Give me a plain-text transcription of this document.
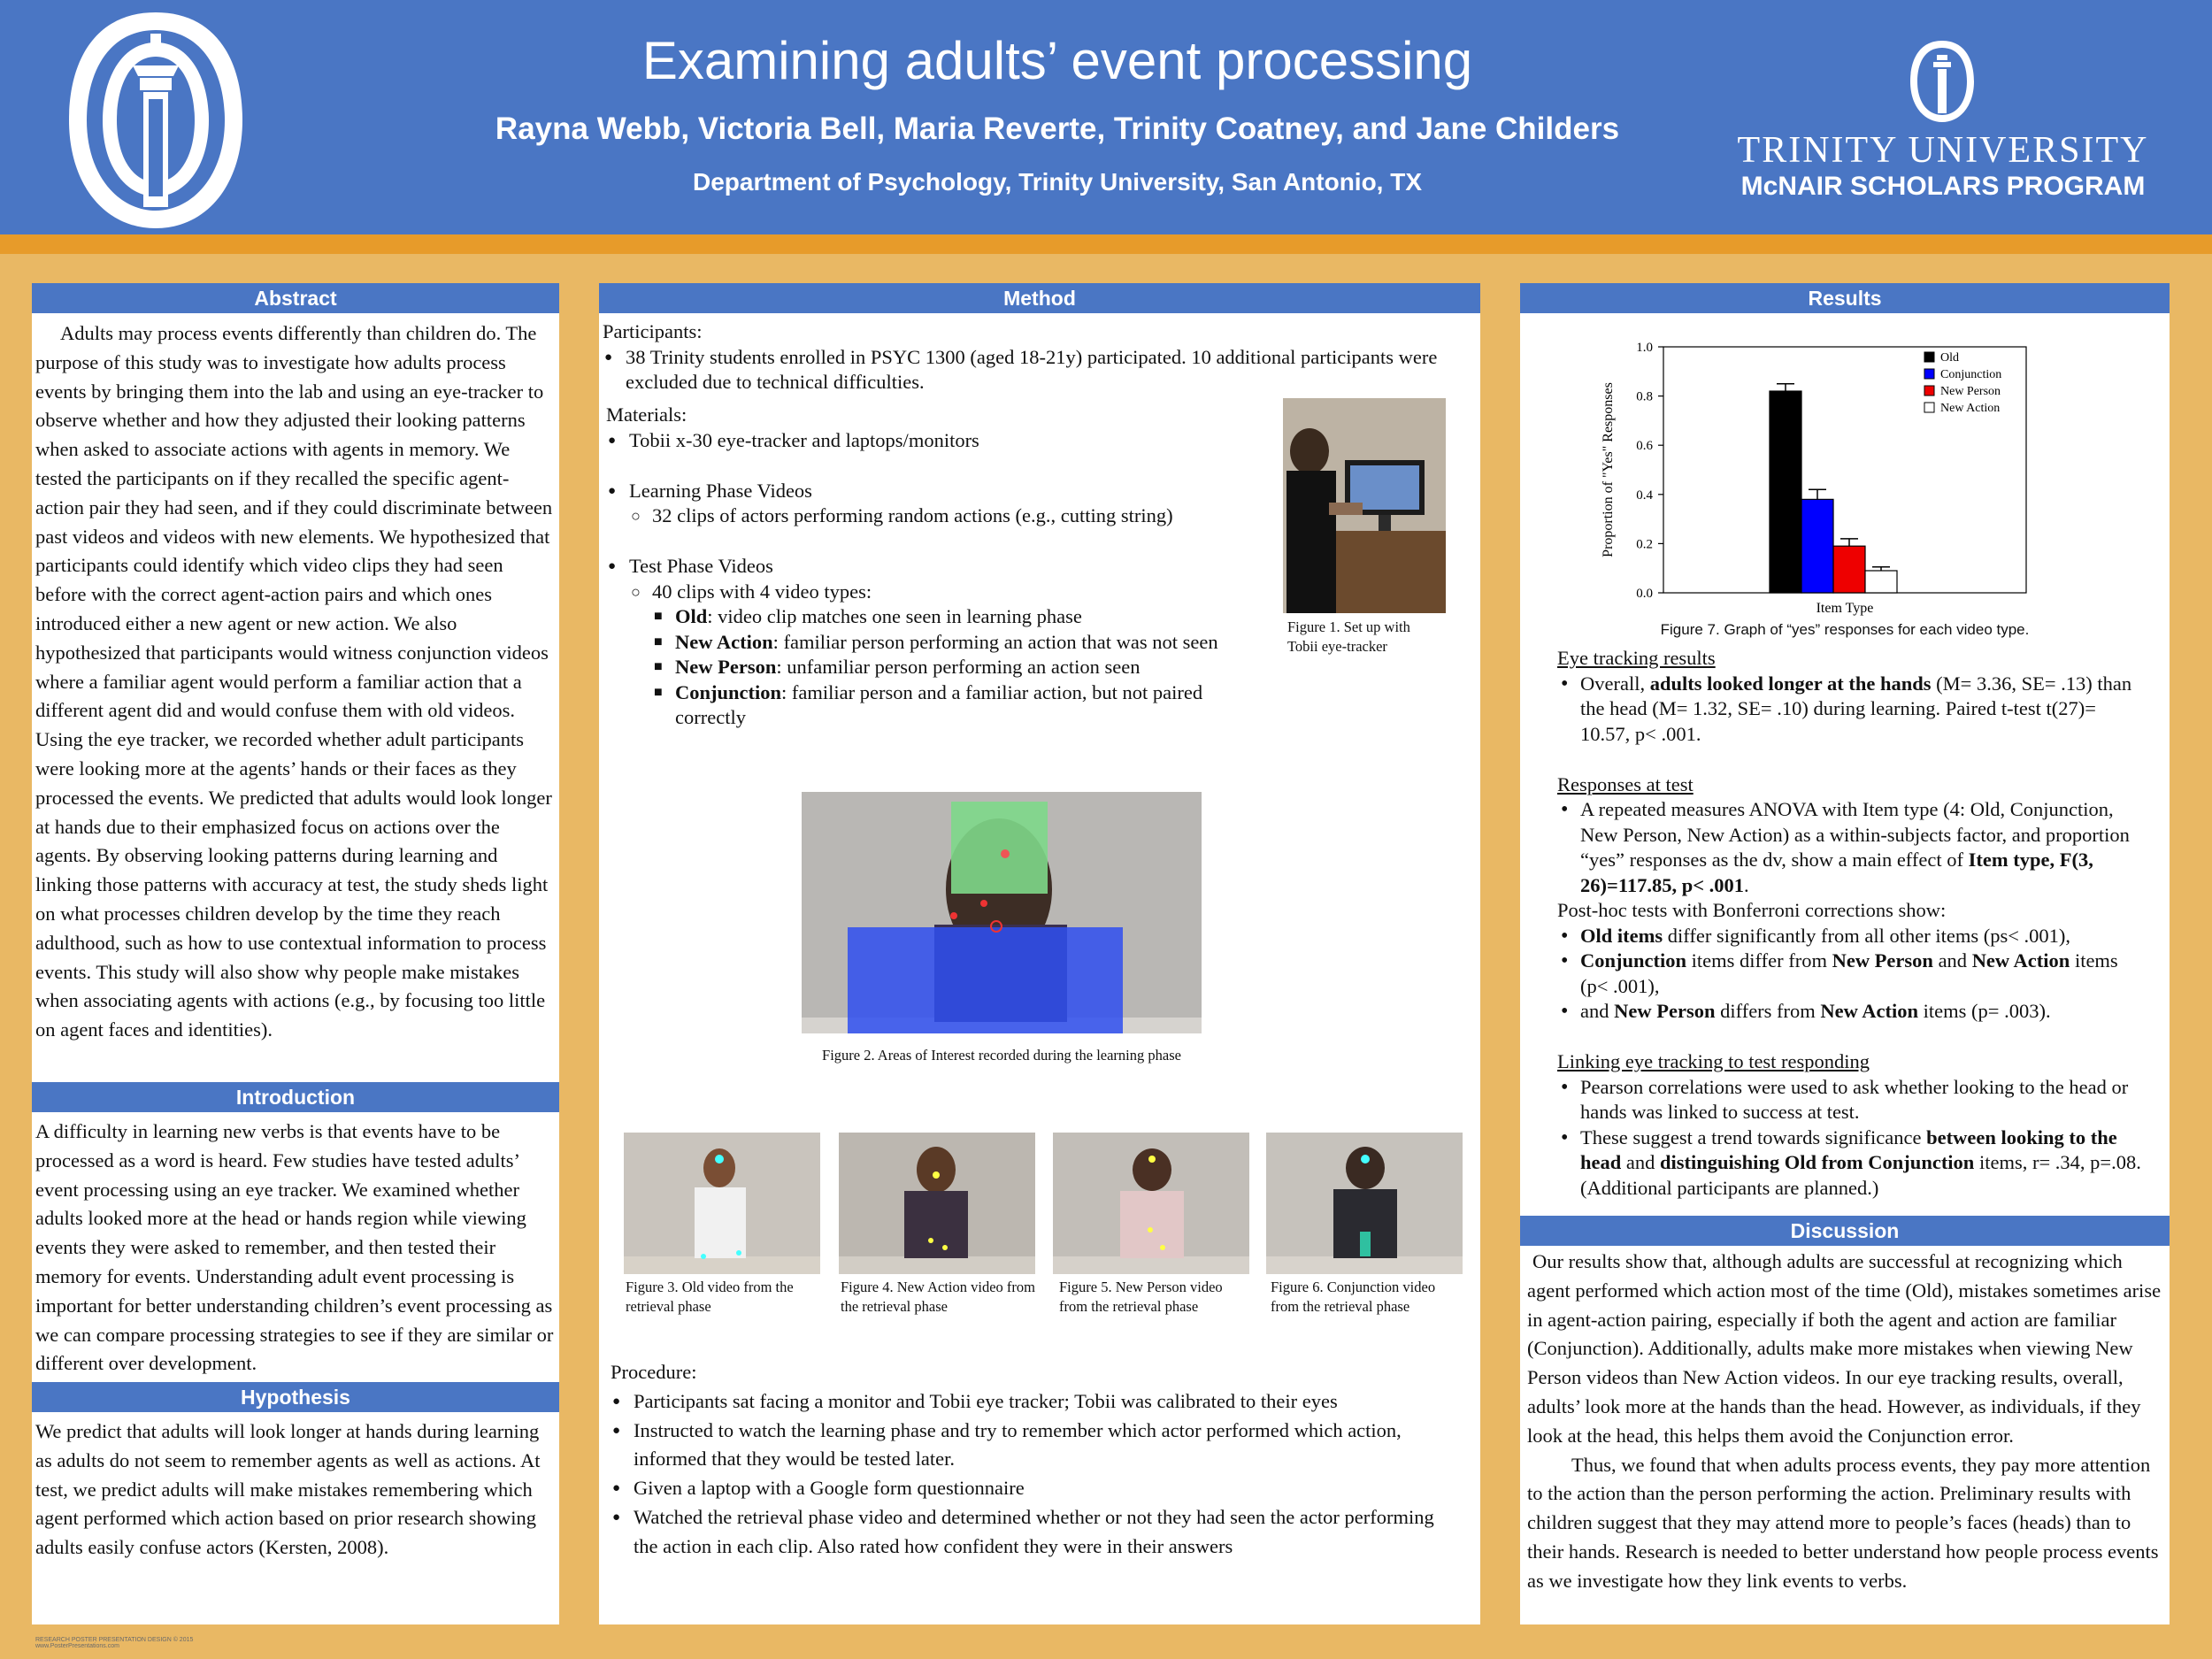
Examining adults’ event processing
Rayna Webb, Victoria Bell, Maria Reverte, Trinity Coatney, and Jane Childers
Department of Psychology, Trinity University, San Antonio, TX
TRINITY UNIVERSITY
McNAIR SCHOLARS PROGRAM
Abstract

Adults may process events differently than children do. The purpose of this study was to investigate how adults process events by bringing them into the lab and using an eye-tracker to observe whether and how they adjusted their looking patterns when asked to associate actions with agents in memory. We tested the participants on if they recalled the specific agent-action pair they had seen, and if they could discriminate between past videos and videos with new elements. We hypothesized that participants could identify which video clips they had seen before with the correct agent-action pairs and which ones introduced either a new agent or new action. We also hypothesized that participants would witness conjunction videos where a familiar agent would perform a familiar action that a different agent did and would confuse them with old videos. Using the eye tracker, we recorded whether adult participants were looking more at the agents’ hands or their faces as they processed the events. We predicted that adults would look longer at hands due to their emphasized focus on actions over the agents. By observing looking patterns during learning and linking those patterns with accuracy at test, the study sheds light on what processes children develop by the time they reach adulthood, such as how to use contextual information to process events. This study will also show why people make mistakes when associating agents with actions (e.g., by focusing too little on agent faces and identities).

Introduction

A difficulty in learning new verbs is that events have to be processed as a word is heard. Few studies have tested adults’ event processing using an eye tracker. We examined whether adults looked more at the head or hands region while viewing events they were asked to remember, and then tested their memory for events. Understanding adult event processing is important for better understanding children’s event processing as we can compare processing strategies to see if they are similar or different over development.

Hypothesis

We predict that adults will look longer at hands during learning as adults do not seem to remember agents as well as actions. At test, we predict adults will make mistakes remembering which agent performed which action based on prior research showing adults easily confuse actors (Kersten, 2008).

Method

Participants:

● 38 Trinity students enrolled in PSYC 1300 (aged 18-21y) participated. 10 additional participants were excluded due to technical difficulties.

Materials:

● Tobii x-30 eye-tracker and laptops/monitors
● Learning Phase Videos
○ 32 clips of actors performing random actions (e.g., cutting string)
● Test Phase Videos
○ 40 clips with 4 video types:
■ Old: video clip matches one seen in learning phase
■ New Action: familiar person performing an action that was not seen
■ New Person: unfamiliar person performing an action seen
■ Conjunction: familiar person and a familiar action, but not paired correctly
Figure 1. Set up with Tobii eye-tracker
Figure 2. Areas of Interest recorded during the learning phase
Figure 3. Old video from the retrieval phase
Figure 4. New Action video from the retrieval phase
Figure 5. New Person video from the retrieval phase
Figure 6. Conjunction video from the retrieval phase

Procedure:

● Participants sat facing a monitor and Tobii eye tracker; Tobii was calibrated to their eyes
● Instructed to watch the learning phase and try to remember which actor performed which action, informed that they would be tested later.
● Given a laptop with a Google form questionnaire
● Watched the retrieval phase video and determined whether or not they had seen the actor performing the action in each clip. Also rated how confident they were in their answers
Results
0.0
0.2
0.4
0.6
0.8
1.0
Item Type
Proportion of "Yes" Responses
Old
Conjunction
New Person
New Action
Figure 7. Graph of “yes” responses for each video type.

Eye tracking results

• Overall, adults looked longer at the hands (M= 3.36, SE= .13) than the head (M= 1.32, SE= .10) during learning. Paired t-test t(27)= 10.57, p< .001.

Responses at test

• A repeated measures ANOVA with Item type (4: Old, Conjunction, New Person, New Action) as a within-subjects factor, and proportion “yes” responses as the dv, show a main effect of Item type, F(3, 26)=117.85, p< .001.

Post-hoc tests with Bonferroni corrections show:

• Old items differ significantly from all other items (ps< .001),
• Conjunction items differ from New Person and New Action items (p< .001),
• and New Person differs from New Action items (p= .003).

Linking eye tracking to test responding

• Pearson correlations were used to ask whether looking to the head or hands was linked to success at test.
• These suggest a trend towards significance between looking to the head and distinguishing Old from Conjunction items, r= .34, p=.08. (Additional participants are planned.)
Discussion

Our results show that, although adults are successful at recognizing which agent performed which action most of the time (Old), mistakes sometimes arise in agent-action pairing, especially if both the agent and action are familiar (Conjunction). Additionally, adults make more mistakes when viewing New Person videos than New Action videos. In our eye tracking results, overall, adults’ look more at the hands than the head. However, as individuals, if they look at the head, this helps them avoid the Conjunction error.

Thus, we found that when adults process events, they pay more attention to the action than the person performing the action. Preliminary results with children suggest that they may attend more to people’s faces (heads) than to their hands. Research is needed to better understand how people process events as we investigate how they link events to verbs.

RESEARCH POSTER PRESENTATION DESIGN © 2015
www.PosterPresentations.com
